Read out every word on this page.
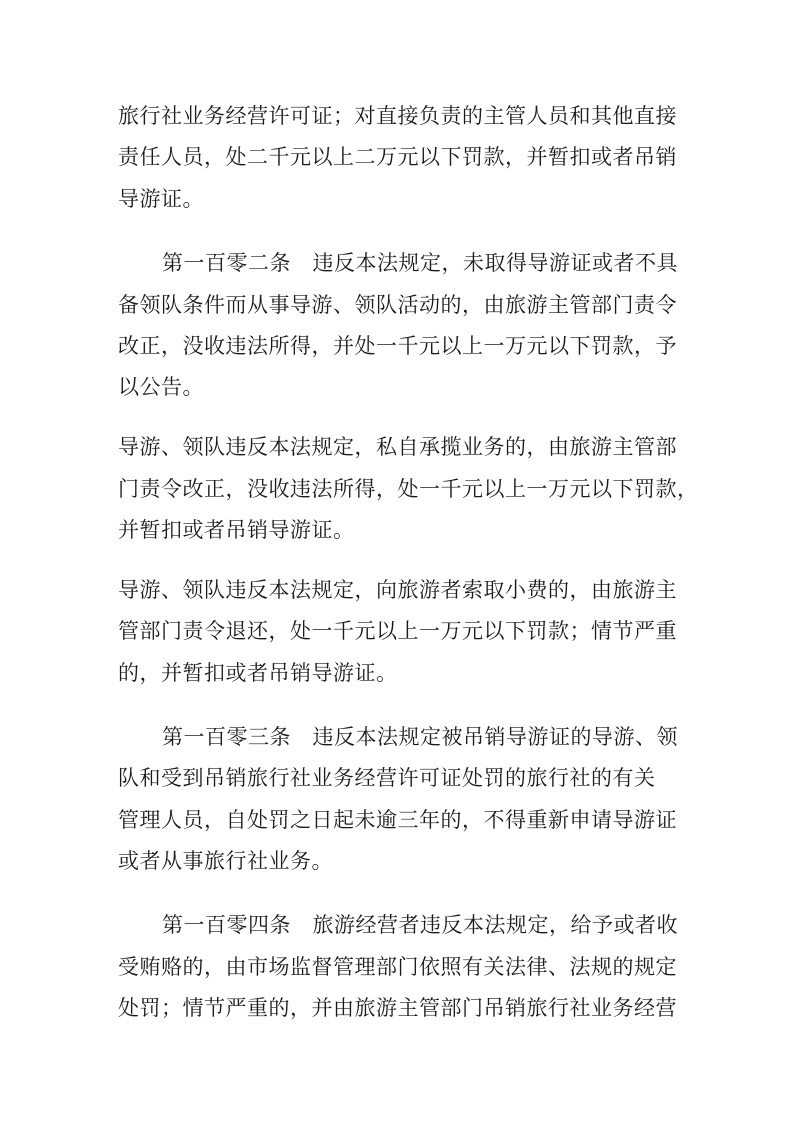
旅行社业务经营许可证；对直接负责的主管人员和其他直接
责任人员，处二千元以上二万元以下罚款，并暂扣或者吊销
导游证。
第一百零二条　违反本法规定，未取得导游证或者不具
备领队条件而从事导游、领队活动的，由旅游主管部门责令
改正，没收违法所得，并处一千元以上一万元以下罚款，予
以公告。
导游、领队违反本法规定，私自承揽业务的，由旅游主管部
门责令改正，没收违法所得，处一千元以上一万元以下罚款，
并暂扣或者吊销导游证。
导游、领队违反本法规定，向旅游者索取小费的，由旅游主
管部门责令退还，处一千元以上一万元以下罚款；情节严重
的，并暂扣或者吊销导游证。
第一百零三条　违反本法规定被吊销导游证的导游、领
队和受到吊销旅行社业务经营许可证处罚的旅行社的有关
管理人员，自处罚之日起未逾三年的，不得重新申请导游证
或者从事旅行社业务。
第一百零四条　旅游经营者违反本法规定，给予或者收
受贿赂的，由市场监督管理部门依照有关法律、法规的规定
处罚；情节严重的，并由旅游主管部门吊销旅行社业务经营
